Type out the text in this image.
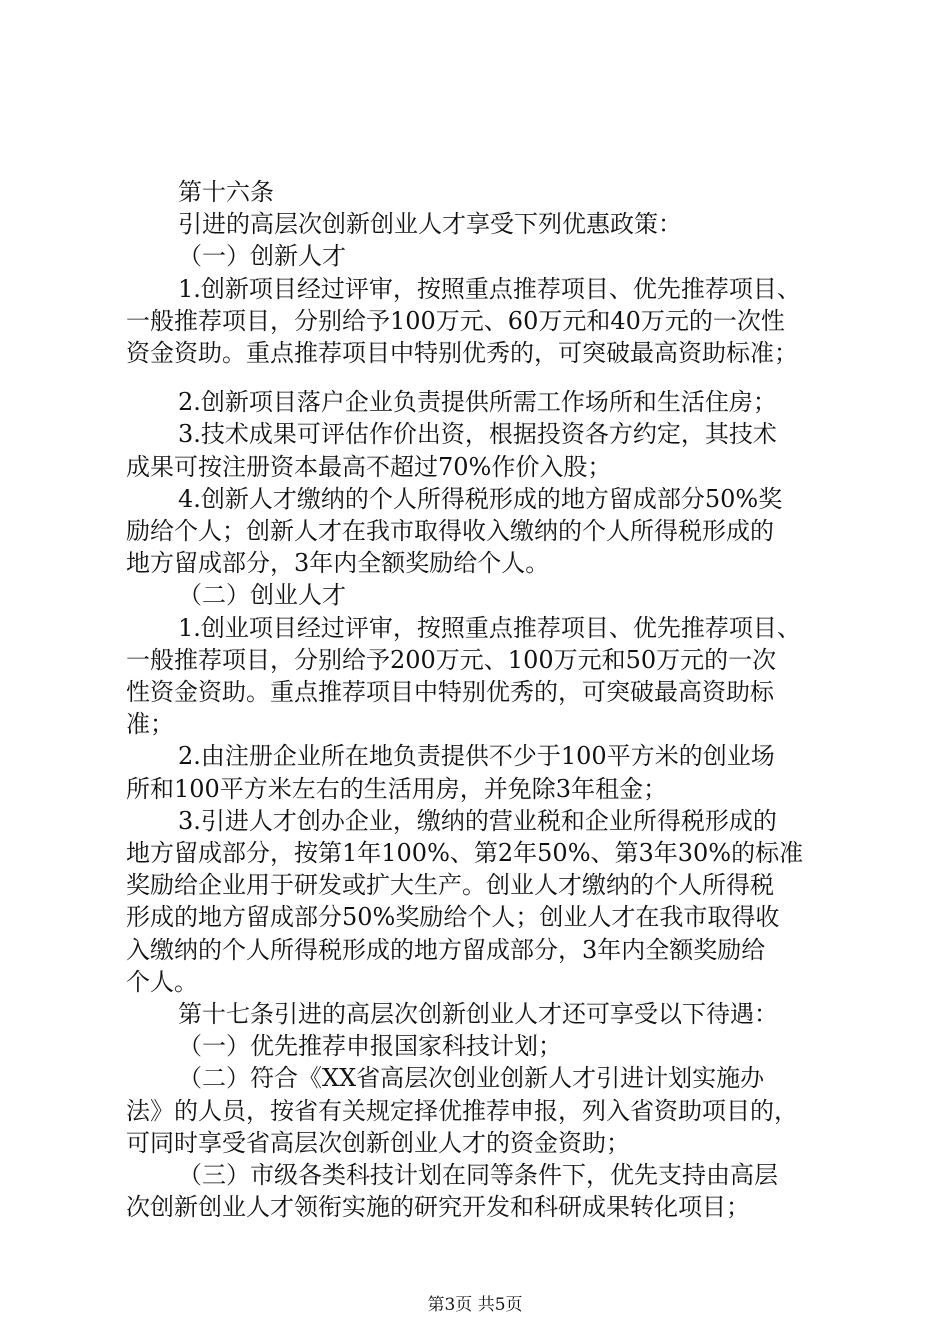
第十六条
引进的高层次创新创业人才享受下列优惠政策：
（一）创新人才
1.创新项目经过评审，按照重点推荐项目、优先推荐项目、
一般推荐项目，分别给予100万元、60万元和40万元的一次性
资金资助。重点推荐项目中特别优秀的，可突破最高资助标准；
2.创新项目落户企业负责提供所需工作场所和生活住房；
3.技术成果可评估作价出资，根据投资各方约定，其技术
成果可按注册资本最高不超过70%作价入股；
4.创新人才缴纳的个人所得税形成的地方留成部分50%奖
励给个人；创新人才在我市取得收入缴纳的个人所得税形成的
地方留成部分，3年内全额奖励给个人。
（二）创业人才
1.创业项目经过评审，按照重点推荐项目、优先推荐项目、
一般推荐项目，分别给予200万元、100万元和50万元的一次
性资金资助。重点推荐项目中特别优秀的，可突破最高资助标
准；
2.由注册企业所在地负责提供不少于100平方米的创业场
所和100平方米左右的生活用房，并免除3年租金；
3.引进人才创办企业，缴纳的营业税和企业所得税形成的
地方留成部分，按第1年100%、第2年50%、第3年30%的标准
奖励给企业用于研发或扩大生产。创业人才缴纳的个人所得税
形成的地方留成部分50%奖励给个人；创业人才在我市取得收
入缴纳的个人所得税形成的地方留成部分，3年内全额奖励给
个人。
第十七条引进的高层次创新创业人才还可享受以下待遇：
（一）优先推荐申报国家科技计划；
（二）符合《XX省高层次创业创新人才引进计划实施办
法》的人员，按省有关规定择优推荐申报，列入省资助项目的，
可同时享受省高层次创新创业人才的资金资助；
（三）市级各类科技计划在同等条件下，优先支持由高层
次创新创业人才领衔实施的研究开发和科研成果转化项目；
第3页 共5页
